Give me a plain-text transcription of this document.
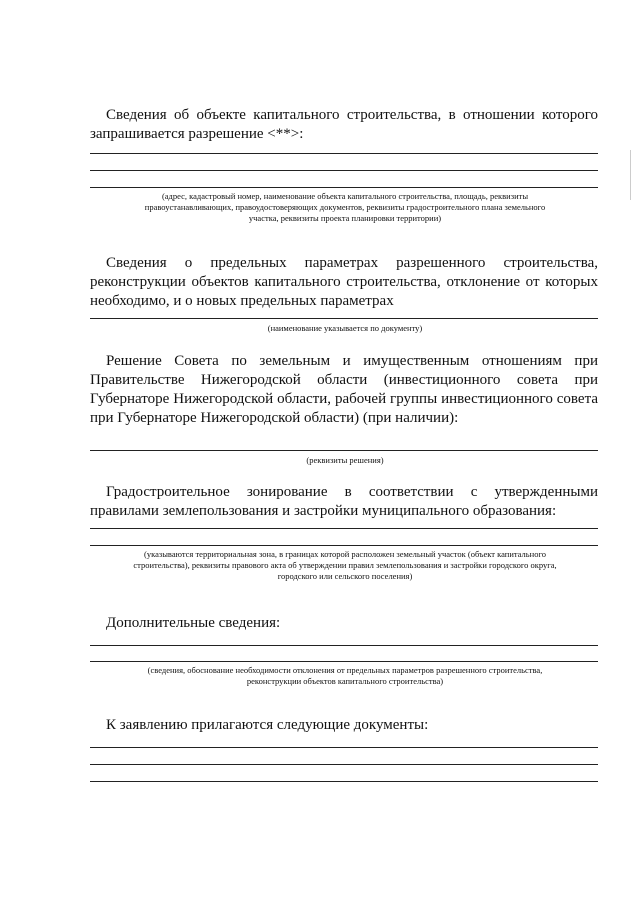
Сведения об объекте капитального строительства, в отношении которого запрашивается разрешение <**>:

(адрес, кадастровый номер, наименование объекта капитального строительства, площадь, реквизиты правоустанавливающих, правоудостоверяющих документов, реквизиты градостроительного плана земельного участка, реквизиты проекта планировки территории)

Сведения о предельных параметрах разрешенного строительства, реконструкции объектов капитального строительства, отклонение от которых необходимо, и о новых предельных параметрах

(наименование указывается по документу)

Решение Совета по земельным и имущественным отношениям при Правительстве Нижегородской области (инвестиционного совета при Губернаторе Нижегородской области, рабочей группы инвестиционного совета при Губернаторе Нижегородской области) (при наличии):

(реквизиты решения)

Градостроительное зонирование в соответствии с утвержденными правилами землепользования и застройки муниципального образования:

(указываются территориальная зона, в границах которой расположен земельный участок (объект капитального строительства), реквизиты правового акта об утверждении правил землепользования и застройки городского округа, городского или сельского поселения)

Дополнительные сведения:

(сведения, обоснование необходимости отклонения от предельных параметров разрешенного строительства, реконструкции объектов капитального строительства)

К заявлению прилагаются следующие документы:
